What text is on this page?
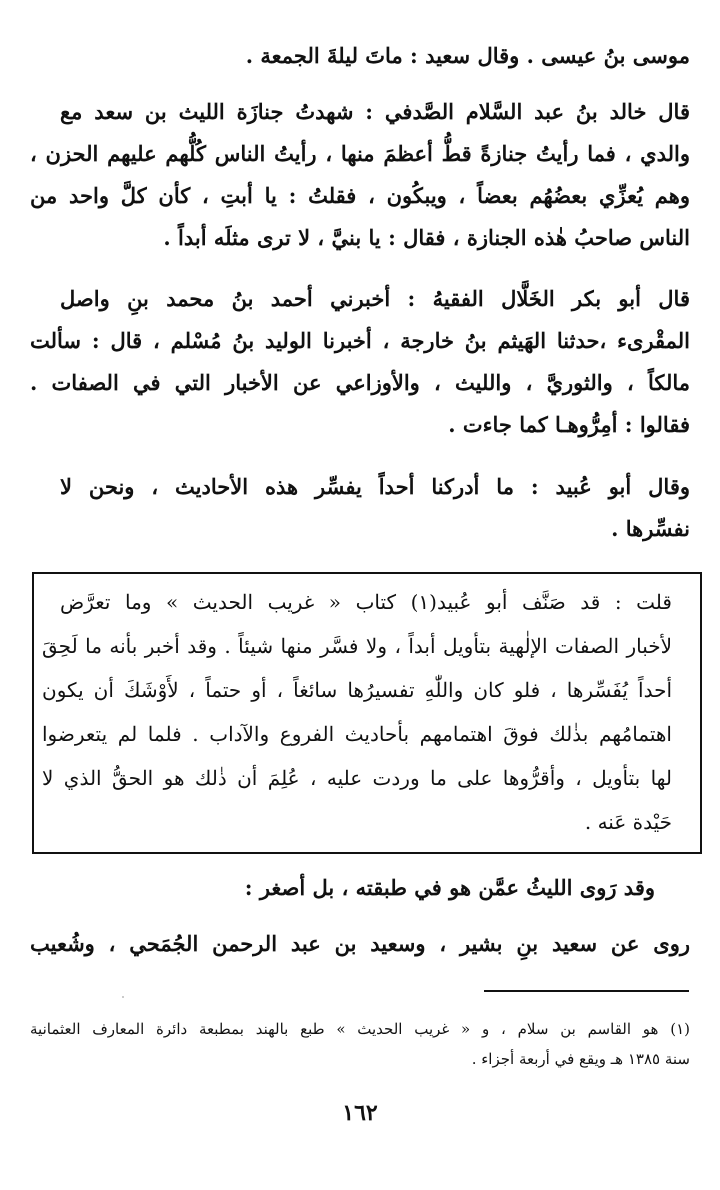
موسى بنُ عيسى . وقال سعيد : ماتَ ليلةَ الجمعة .
قال خالد بنُ عبد السَّلام الصَّدفي : شهدتُ جنازَة الليث بن سعد مع
والدي ، فما رأيتُ جنازةً قطُّ أعظمَ منها ، رأيتُ الناس كُلُّهم عليهم الحزن ،
وهم يُعزِّي بعضُهُم بعضاً ، ويبكُون ، فقلتُ : يا أبتِ ، كأن كلَّ واحد من
الناس صاحبُ هٰذه الجنازة ، فقال : يا بنيَّ ، لا ترى مثلَه أبداً .
قال أبو بكر الخَلَّال الفقيهُ : أخبرني أحمد بنُ محمد بنِ واصل
المقْرىء ،حدثنا الهَيثم بنُ خارجة ، أخبرنا الوليد بنُ مُسْلم ، قال : سألت
مالكاً ، والثوريَّ ، والليث ، والأوزاعي عن الأخبار التي في الصفات .
فقالوا : أمِرُّوهـا كما جاءت .
وقال أبو عُبيد : ما أدركنا أحداً يفسِّر هذه الأحاديث ، ونحن لا
نفسِّرها .
قلت : قد صَنَّف أبو عُبيد(١) كتاب « غريب الحديث » وما تعرَّض
لأخبار الصفات الإلٰهية بتأويل أبداً ، ولا فسَّر منها شيئاً . وقد أخبر بأنه ما لَحِقَ
أحداً يُفَسِّرها ، فلو كان واللّٰهِ تفسيرُها سائغاً ، أو حتماً ، لأَوْشَكَ أن يكون
اهتمامُهم بذٰلك فوقَ اهتمامهم بأحاديث الفروع والآداب . فلما لم يتعرضوا
لها بتأويل ، وأقرُّوها على ما وردت عليه ، عُلِمَ أن ذٰلك هو الحقُّ الذي لا
حَيْدة عَنه .
وقد رَوى الليثُ عمَّن هو في طبقته ، بل أصغر :
روى عن سعيد بنِ بشير ، وسعيد بن عبد الرحمن الجُمَحي ، وشُعيب
(١) هو القاسم بن سلام ، و « غريب الحديث » طبع بالهند بمطبعة دائرة المعارف العثمانية
سنة ١٣٨٥ هـ ويقع في أربعة أجزاء .
١٦٢
